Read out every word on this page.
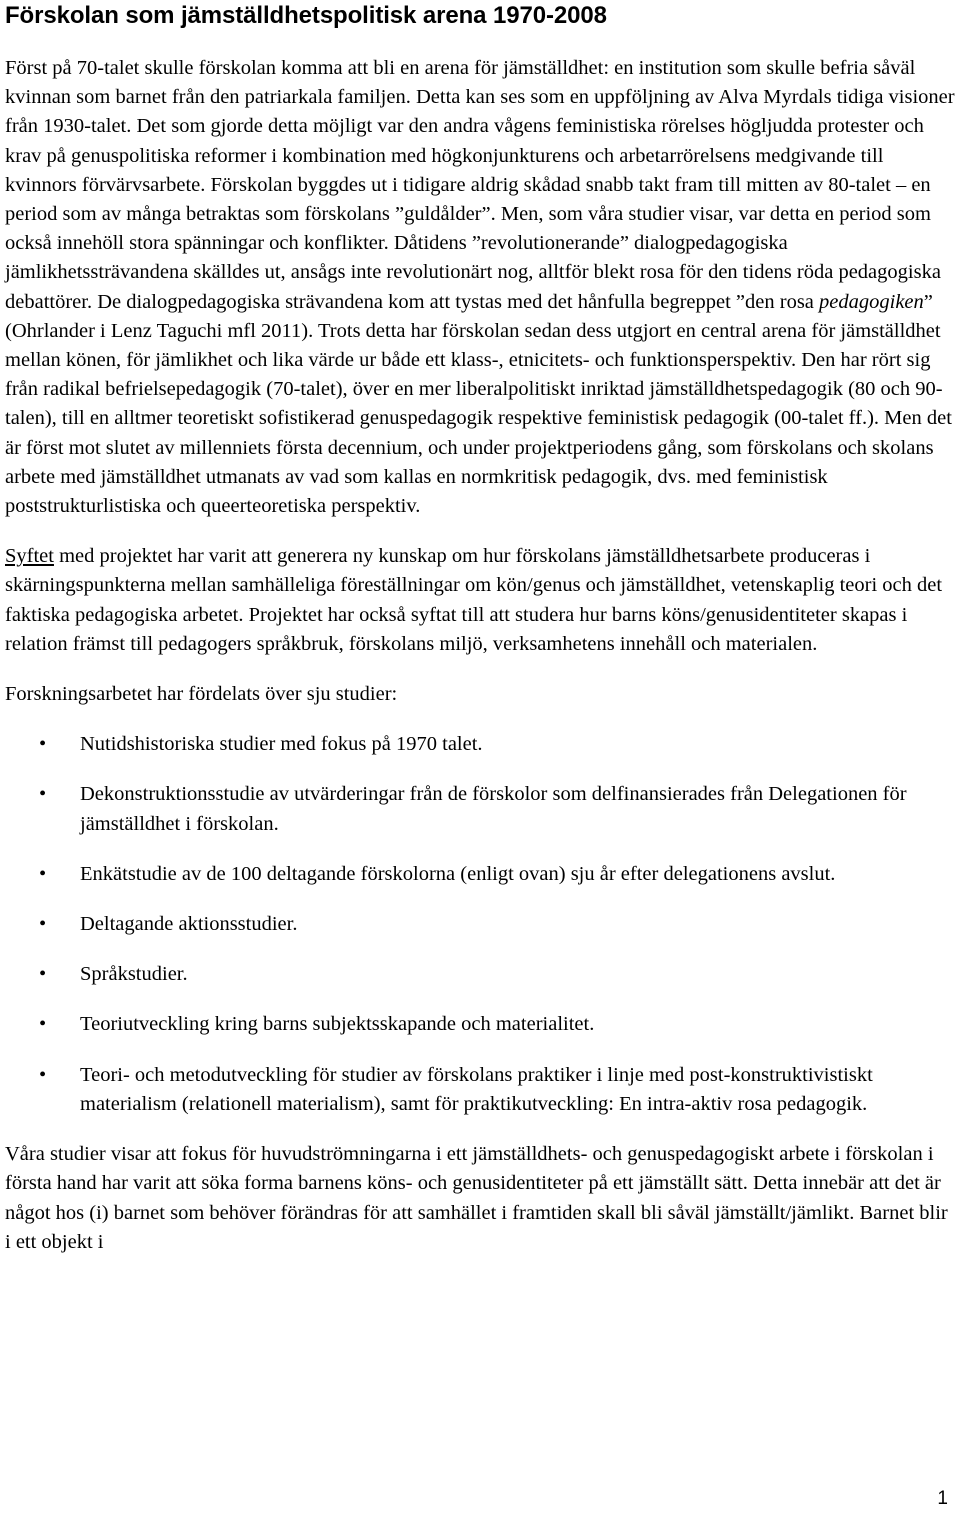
Förskolan som jämställdhetspolitisk arena 1970-2008

Först på 70-talet skulle förskolan komma att bli en arena för jämställdhet: en institution som skulle befria såväl kvinnan som barnet från den patriarkala familjen. Detta kan ses som en uppföljning av Alva Myrdals tidiga visioner från 1930-talet. Det som gjorde detta möjligt var den andra vågens feministiska rörelses högljudda protester och krav på genuspolitiska reformer i kombination med högkonjunkturens och arbetarrörelsens medgivande till kvinnors förvärvsarbete. Förskolan byggdes ut i tidigare aldrig skådad snabb takt fram till mitten av 80-talet – en period som av många betraktas som förskolans ”guldålder”. Men, som våra studier visar, var detta en period som också innehöll stora spänningar och konflikter. Dåtidens ”revolutionerande” dialogpedagogiska jämlikhetssträvandena skälldes ut, ansågs inte revolutionärt nog, alltför blekt rosa för den tidens röda pedagogiska debattörer. De dialogpedagogiska strävandena kom att tystas med det hånfulla begreppet ”den rosa pedagogiken” (Ohrlander i Lenz Taguchi mfl 2011). Trots detta har förskolan sedan dess utgjort en central arena för jämställdhet mellan könen, för jämlikhet och lika värde ur både ett klass-, etnicitets- och funktionsperspektiv. Den har rört sig från radikal befrielsepedagogik (70-talet), över en mer liberalpolitiskt inriktad jämställdhetspedagogik (80 och 90-talen), till en alltmer teoretiskt sofistikerad genuspedagogik respektive feministisk pedagogik (00-talet ff.). Men det är först mot slutet av millenniets första decennium, och under projektperiodens gång, som förskolans och skolans arbete med jämställdhet utmanats av vad som kallas en normkritisk pedagogik, dvs. med feministisk poststrukturlistiska och queerteoretiska perspektiv.

Syftet med projektet har varit att generera ny kunskap om hur förskolans jämställdhetsarbete produceras i skärningspunkterna mellan samhälleliga föreställningar om kön/genus och jämställdhet, vetenskaplig teori och det faktiska pedagogiska arbetet. Projektet har också syftat till att studera hur barns köns/genusidentiteter skapas i relation främst till pedagogers språkbruk, förskolans miljö, verksamhetens innehåll och materialen.

Forskningsarbetet har fördelats över sju studier:

• Nutidshistoriska studier med fokus på 1970 talet.
• Dekonstruktionsstudie av utvärderingar från de förskolor som delfinansierades från Delegationen för jämställdhet i förskolan.
• Enkätstudie av de 100 deltagande förskolorna (enligt ovan) sju år efter delegationens avslut.
• Deltagande aktionsstudier.
• Språkstudier.
• Teoriutveckling kring barns subjektsskapande och materialitet.
• Teori- och metodutveckling för studier av förskolans praktiker i linje med post-konstruktivistiskt materialism (relationell materialism), samt för praktikutveckling: En intra-aktiv rosa pedagogik.

Våra studier visar att fokus för huvudströmningarna i ett jämställdhets- och genuspedagogiskt arbete i förskolan i första hand har varit att söka forma barnens köns- och genusidentiteter på ett jämställt sätt. Detta innebär att det är något hos (i) barnet som behöver förändras för att samhället i framtiden skall bli såväl jämställt/jämlikt. Barnet blir i ett objekt i

1
